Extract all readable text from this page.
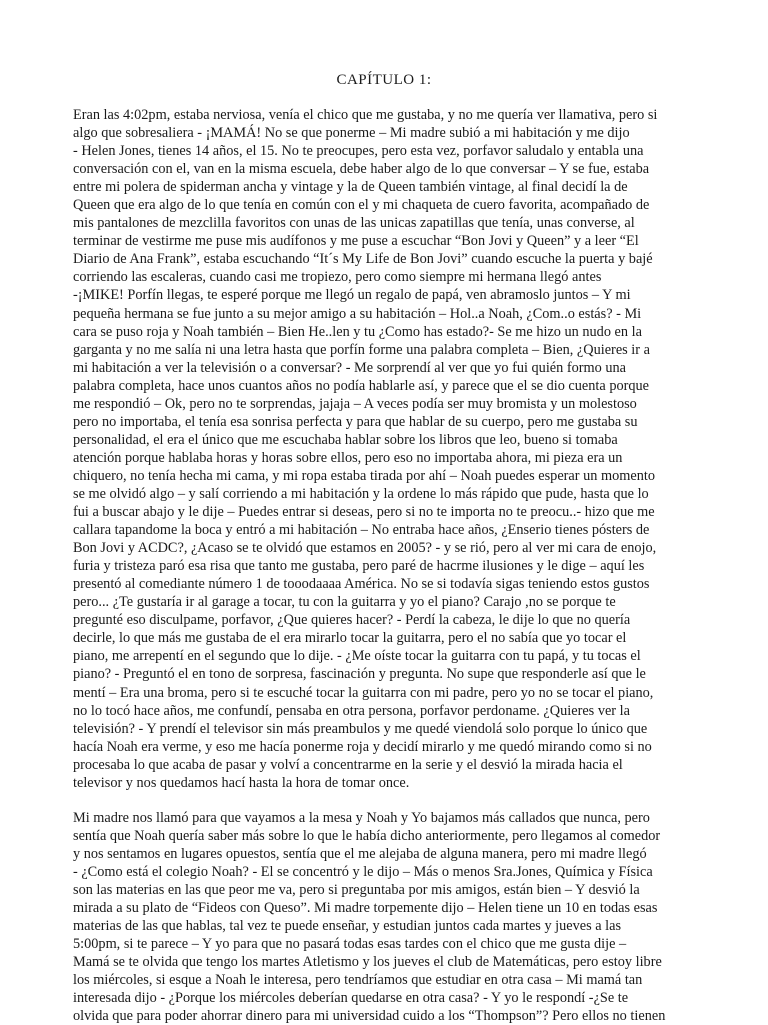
CAPÍTULO 1:

Eran las 4:02pm, estaba nerviosa, venía el chico que me gustaba, y no me quería ver llamativa, pero si
algo que sobresaliera - ¡MAMÁ! No se que ponerme – Mi madre subió a mi habitación y me dijo
- Helen Jones, tienes 14 años, el 15. No te preocupes, pero esta vez, porfavor saludalo y entabla una
conversación con el, van en la misma escuela, debe haber algo de lo que conversar – Y se fue, estaba
entre mi polera de spiderman ancha y vintage y la de Queen también vintage, al final decidí la de
Queen que era algo de lo que tenía en común con el y mi chaqueta de cuero favorita, acompañado de
mis pantalones de mezclilla favoritos con unas de las unicas zapatillas que tenía, unas converse, al
terminar de vestirme me puse mis audífonos y me puse a escuchar “Bon Jovi y Queen” y a leer “El
Diario de Ana Frank”, estaba escuchando “It´s My Life de Bon Jovi” cuando escuche la puerta y bajé
corriendo las escaleras, cuando casi me tropiezo, pero como siempre mi hermana llegó antes
-¡MIKE! Porfín llegas, te esperé porque me llegó un regalo de papá, ven abramoslo juntos – Y mi
pequeña hermana se fue junto a su mejor amigo a su habitación – Hol..a Noah, ¿Com..o estás? - Mi
cara se puso roja y Noah también – Bien He..len y tu ¿Como has estado?- Se me hizo un nudo en la
garganta y no me salía ni una letra hasta que porfín forme una palabra completa – Bien, ¿Quieres ir a
mi habitación a ver la televisión o a conversar? - Me sorprendí al ver que yo fui quién formo una
palabra completa, hace unos cuantos años no podía hablarle así, y parece que el se dio cuenta porque
me respondió – Ok, pero no te sorprendas, jajaja – A veces podía ser muy bromista y un molestoso
pero no importaba, el tenía esa sonrisa perfecta y para que hablar de su cuerpo, pero me gustaba su
personalidad, el era el único que me escuchaba hablar sobre los libros que leo, bueno si tomaba
atención porque hablaba horas y horas sobre ellos, pero eso no importaba ahora, mi pieza era un
chiquero, no tenía hecha mi cama, y mi ropa estaba tirada por ahí – Noah puedes esperar un momento
se me olvidó algo – y salí corriendo a mi habitación y la ordene lo más rápido que pude, hasta que lo
fui a buscar abajo y le dije – Puedes entrar si deseas, pero si no te importa no te preocu..- hizo que me
callara tapandome la boca y entró a mi habitación – No entraba hace años, ¿Enserio tienes pósters de
Bon Jovi y ACDC?, ¿Acaso se te olvidó que estamos en 2005? - y se rió, pero al ver mi cara de enojo,
furia y tristeza paró esa risa que tanto me gustaba, pero paré de hacrme ilusiones y le dige – aquí les
presentó al comediante número 1 de tooodaaaa América. No se si todavía sigas teniendo estos gustos
pero... ¿Te gustaría ir al garage a tocar, tu con la guitarra y yo el piano? Carajo ,no se porque te
pregunté eso disculpame, porfavor, ¿Que quieres hacer? - Perdí la cabeza, le dije lo que no quería
decirle, lo que más me gustaba de el era mirarlo tocar la guitarra, pero el no sabía que yo tocar el
piano, me arrepentí en el segundo que lo dije. - ¿Me oíste tocar la guitarra con tu papá, y tu tocas el
piano? - Preguntó el en tono de sorpresa, fascinación y pregunta. No supe que responderle así que le
mentí – Era una broma, pero si te escuché tocar la guitarra con mi padre, pero yo no se tocar el piano,
no lo tocó hace años, me confundí, pensaba en otra persona, porfavor perdoname. ¿Quieres ver la
televisión? - Y prendí el televisor sin más preambulos y me quedé viendolá solo porque lo único que
hacía Noah era verme, y eso me hacía ponerme roja y decidí mirarlo y me quedó mirando como si no
procesaba lo que acaba de pasar y volví a concentrarme en la serie y el desvió la mirada hacia el
televisor y nos quedamos hací hasta la hora de tomar once.

Mi madre nos llamó para que vayamos a la mesa y Noah y Yo bajamos más callados que nunca, pero
sentía que Noah quería saber más sobre lo que le había dicho anteriormente, pero llegamos al comedor
y nos sentamos en lugares opuestos, sentía que el me alejaba de alguna manera, pero mi madre llegó
- ¿Como está el colegio Noah? - El se concentró y le dijo – Más o menos Sra.Jones, Química y Física
son las materias en las que peor me va, pero si preguntaba por mis amigos, están bien – Y desvió la
mirada a su plato de “Fideos con Queso”. Mi madre torpemente dijo – Helen tiene un 10 en todas esas
materias de las que hablas, tal vez te puede enseñar, y estudian juntos cada martes y jueves a las
5:00pm, si te parece – Y yo para que no pasará todas esas tardes con el chico que me gusta dije –
Mamá se te olvida que tengo los martes Atletismo y los jueves el club de Matemáticas, pero estoy libre
los miércoles, si esque a Noah le interesa, pero tendríamos que estudiar en otra casa – Mi mamá tan
interesada dijo - ¿Porque los miércoles deberían quedarse en otra casa? - Y yo le respondí -¿Se te
olvida que para poder ahorrar dinero para mi universidad cuido a los “Thompson”? Pero ellos no tienen
